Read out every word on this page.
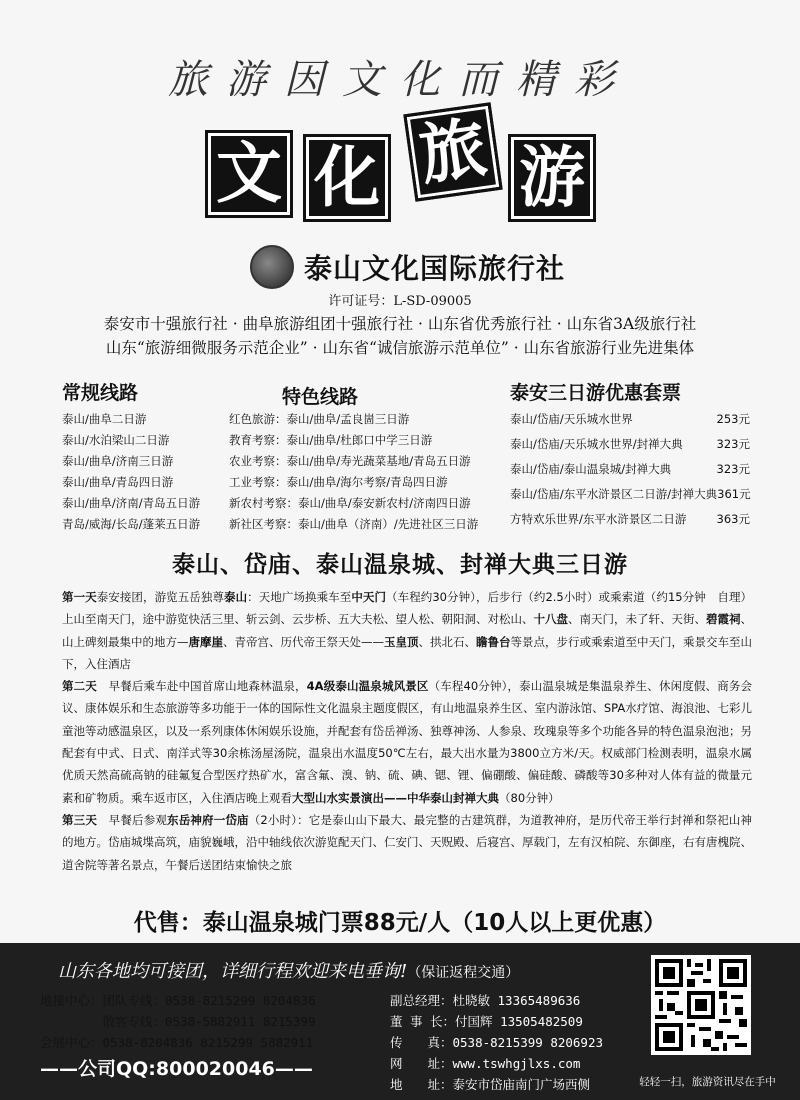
旅游因文化而精彩
文 化 旅 游
泰山文化国际旅行社
许可证号：L-SD-09005
泰安市十强旅行社 · 曲阜旅游组团十强旅行社 · 山东省优秀旅行社 · 山东省3A级旅行社
山东“旅游细微服务示范企业” · 山东省“诚信旅游示范单位” · 山东省旅游行业先进集体
常规线路
泰山/曲阜二日游
泰山/水泊梁山二日游
泰山/曲阜/济南三日游
泰山/曲阜/青岛四日游
泰山/曲阜/济南/青岛五日游
青岛/威海/长岛/蓬莱五日游
特色线路
红色旅游： 泰山/曲阜/孟良崮三日游
教育考察： 泰山/曲阜/杜郎口中学三日游
农业考察： 泰山/曲阜/寿光蔬菜基地/青岛五日游
工业考察： 泰山/曲阜/海尔考察/青岛四日游
新农村考察： 泰山/曲阜/泰安新农村/济南四日游
新社区考察： 泰山/曲阜（济南）/先进社区三日游
泰安三日游优惠套票
泰山/岱庙/天乐城水世界	253元
泰山/岱庙/天乐城水世界/封禅大典	323元
泰山/岱庙/泰山温泉城/封禅大典	323元
泰山/岱庙/东平水浒景区二日游/封禅大典 361元
方特欢乐世界/东平水浒景区二日游	363元
泰山、岱庙、泰山温泉城、封禅大典三日游

第一天泰安接团，游览五岳独尊泰山：天地广场换乘车至中天门（车程约30分钟），后步行（约2.5小时）或乘索道（约15分钟　自理）上山至南天门，途中游览快活三里、斩云剑、云步桥、五大夫松、望人松、朝阳洞、对松山、十八盘、南天门，未了轩、天街、碧霞祠、山上碑刻最集中的地方—唐摩崖、青帝宫、历代帝王祭天处——玉皇顶、拱北石、瞻鲁台等景点，步行或乘索道至中天门，乘景交车至山下，入住酒店

第二天　早餐后乘车赴中国首席山地森林温泉，4A级泰山温泉城风景区（车程40分钟），泰山温泉城是集温泉养生、休闲度假、商务会议、康体娱乐和生态旅游等多功能于一体的国际性文化温泉主题度假区，有山地温泉养生区、室内游泳馆、SPA水疗馆、海浪池、七彩儿童池等动感温泉区，以及一系列康体休闲娱乐设施，并配套有岱岳禅汤、独尊神汤、人参泉、玫瑰泉等多个功能各异的特色温泉泡池；另配套有中式、日式、南洋式等30余栋汤屋汤院，温泉出水温度50℃左右，最大出水量为3800立方米/天。权威部门检测表明，温泉水属优质天然高硫高钠的硅氟复合型医疗热矿水，富含氟、溴、钠、硫、碘、锶、锂、偏硼酸、偏硅酸、磷酸等30多种对人体有益的微量元素和矿物质。乘车返市区，入住酒店晚上观看大型山水实景演出——中华泰山封禅大典（80分钟）

第三天　早餐后参观东岳神府一岱庙（2小时）：它是泰山山下最大、最完整的古建筑群，为道教神府，是历代帝王举行封禅和祭祀山神的地方。岱庙城堞高筑，庙貌巍峨，沿中轴线依次游览配天门、仁安门、天贶殿、后寝宫、厚载门，左有汉柏院、东御座，右有唐槐院、道舍院等著名景点，午餐后送团结束愉快之旅

代售：泰山温泉城门票88元/人（10人以上更优惠）
山东各地均可接团，详细行程欢迎来电垂询!（保证返程交通）
地接中心：团队专线：0538-8215299 8204836
　　　　　散客专线：0538-5882911 8215399
会展中心：0538-8204836 8215299 5882911
——公司QQ:800020046——
副总经理：杜晓敏 13365489636
董 事 长：付国辉 13505482509
传　　真：0538-8215399 8206923
网　　址：www.tswhgjlxs.com
地　　址：泰安市岱庙南门广场西侧	轻轻一扫，旅游资讯尽在手中
